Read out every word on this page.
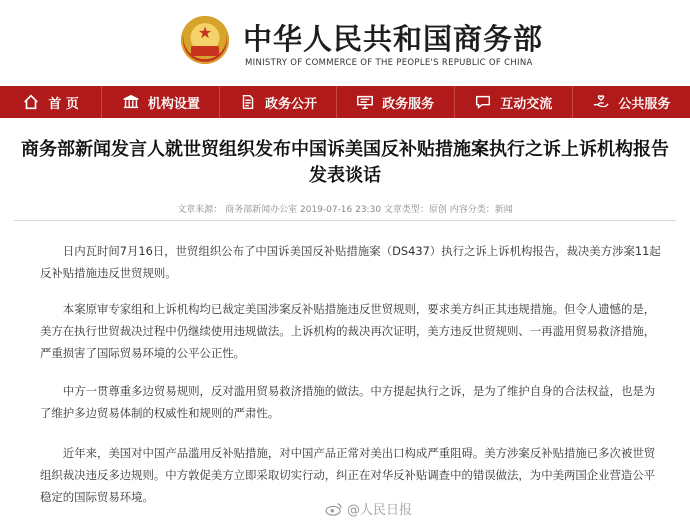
★	中华人民共和国商务部
MINISTRY OF COMMERCE OF THE PEOPLE'S REPUBLIC OF CHINA
首 页	机构设置	政务公开	政务服务	互动交流	公共服务
商务部新闻发言人就世贸组织发布中国诉美国反补贴措施案执行之诉上诉机构报告发表谈话
文章来源： 商务部新闻办公室 2019-07-16 23:30 文章类型：原创 内容分类：新闻

日内瓦时间7月16日，世贸组织公布了中国诉美国反补贴措施案（DS437）执行之诉上诉机构报告，裁决美方涉案11起反补贴措施违反世贸规则。

本案原审专家组和上诉机构均已裁定美国涉案反补贴措施违反世贸规则，要求美方纠正其违规措施。但令人遗憾的是，美方在执行世贸裁决过程中仍继续使用违规做法。上诉机构的裁决再次证明，美方违反世贸规则、一再滥用贸易救济措施，严重损害了国际贸易环境的公平公正性。

中方一贯尊重多边贸易规则，反对滥用贸易救济措施的做法。中方提起执行之诉，是为了维护自身的合法权益，也是为了维护多边贸易体制的权威性和规则的严肃性。

近年来，美国对中国产品滥用反补贴措施，对中国产品正常对美出口构成严重阻碍。美方涉案反补贴措施已多次被世贸组织裁决违反多边规则。中方敦促美方立即采取切实行动，纠正在对华反补贴调查中的错误做法，为中美两国企业营造公平稳定的国际贸易环境。

@人民日报
